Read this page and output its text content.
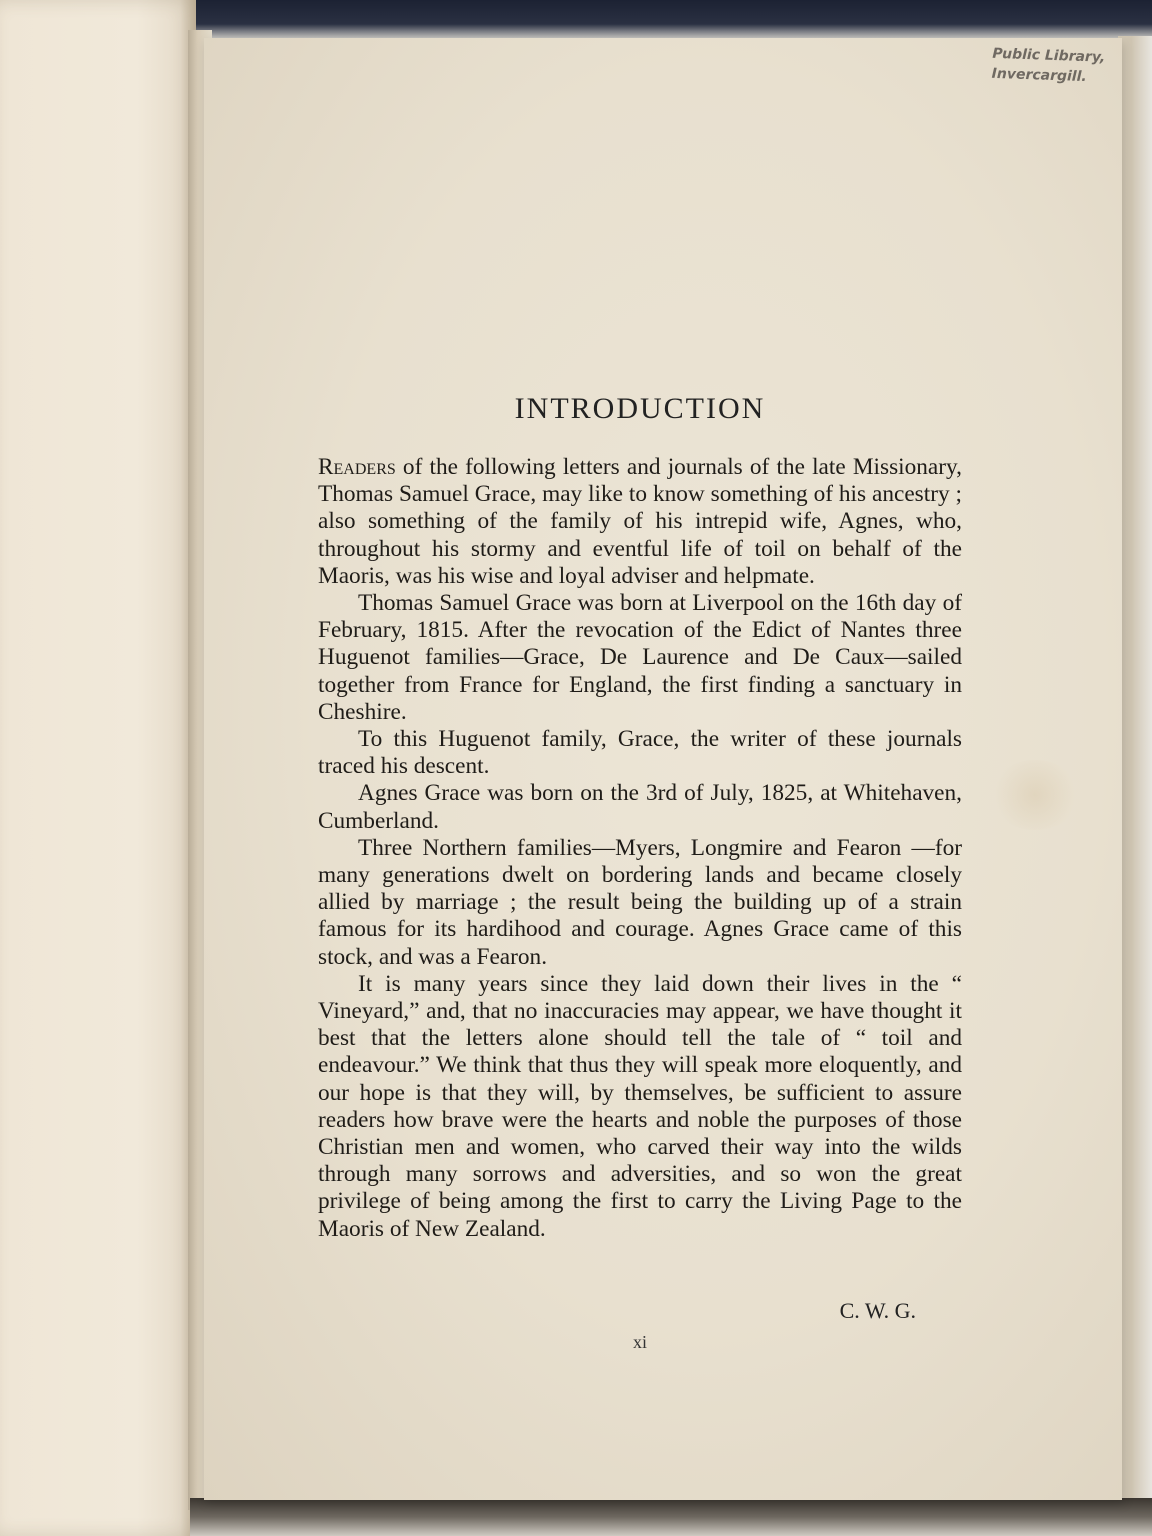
Public Library,
Invercargill.
INTRODUCTION

Readers of the following letters and journals of the late Missionary, Thomas Samuel Grace, may like to know something of his ancestry ; also something of the family of his intrepid wife, Agnes, who, throughout his stormy and eventful life of toil on behalf of the Maoris, was his wise and loyal adviser and helpmate.

Thomas Samuel Grace was born at Liverpool on the 16th day of February, 1815. After the revocation of the Edict of Nantes three Huguenot families—Grace, De Laurence and De Caux—sailed together from France for England, the first finding a sanctuary in Cheshire.

To this Huguenot family, Grace, the writer of these journals traced his descent.

Agnes Grace was born on the 3rd of July, 1825, at Whitehaven, Cumberland.

Three Northern families—Myers, Longmire and Fearon —for many generations dwelt on bordering lands and became closely allied by marriage ; the result being the building up of a strain famous for its hardihood and courage. Agnes Grace came of this stock, and was a Fearon.

It is many years since they laid down their lives in the “ Vineyard,” and, that no inaccuracies may appear, we have thought it best that the letters alone should tell the tale of “ toil and endeavour.” We think that thus they will speak more eloquently, and our hope is that they will, by themselves, be sufficient to assure readers how brave were the hearts and noble the purposes of those Christian men and women, who carved their way into the wilds through many sorrows and adversities, and so won the great privilege of being among the first to carry the Living Page to the Maoris of New Zealand.

C. W. G.
xi
